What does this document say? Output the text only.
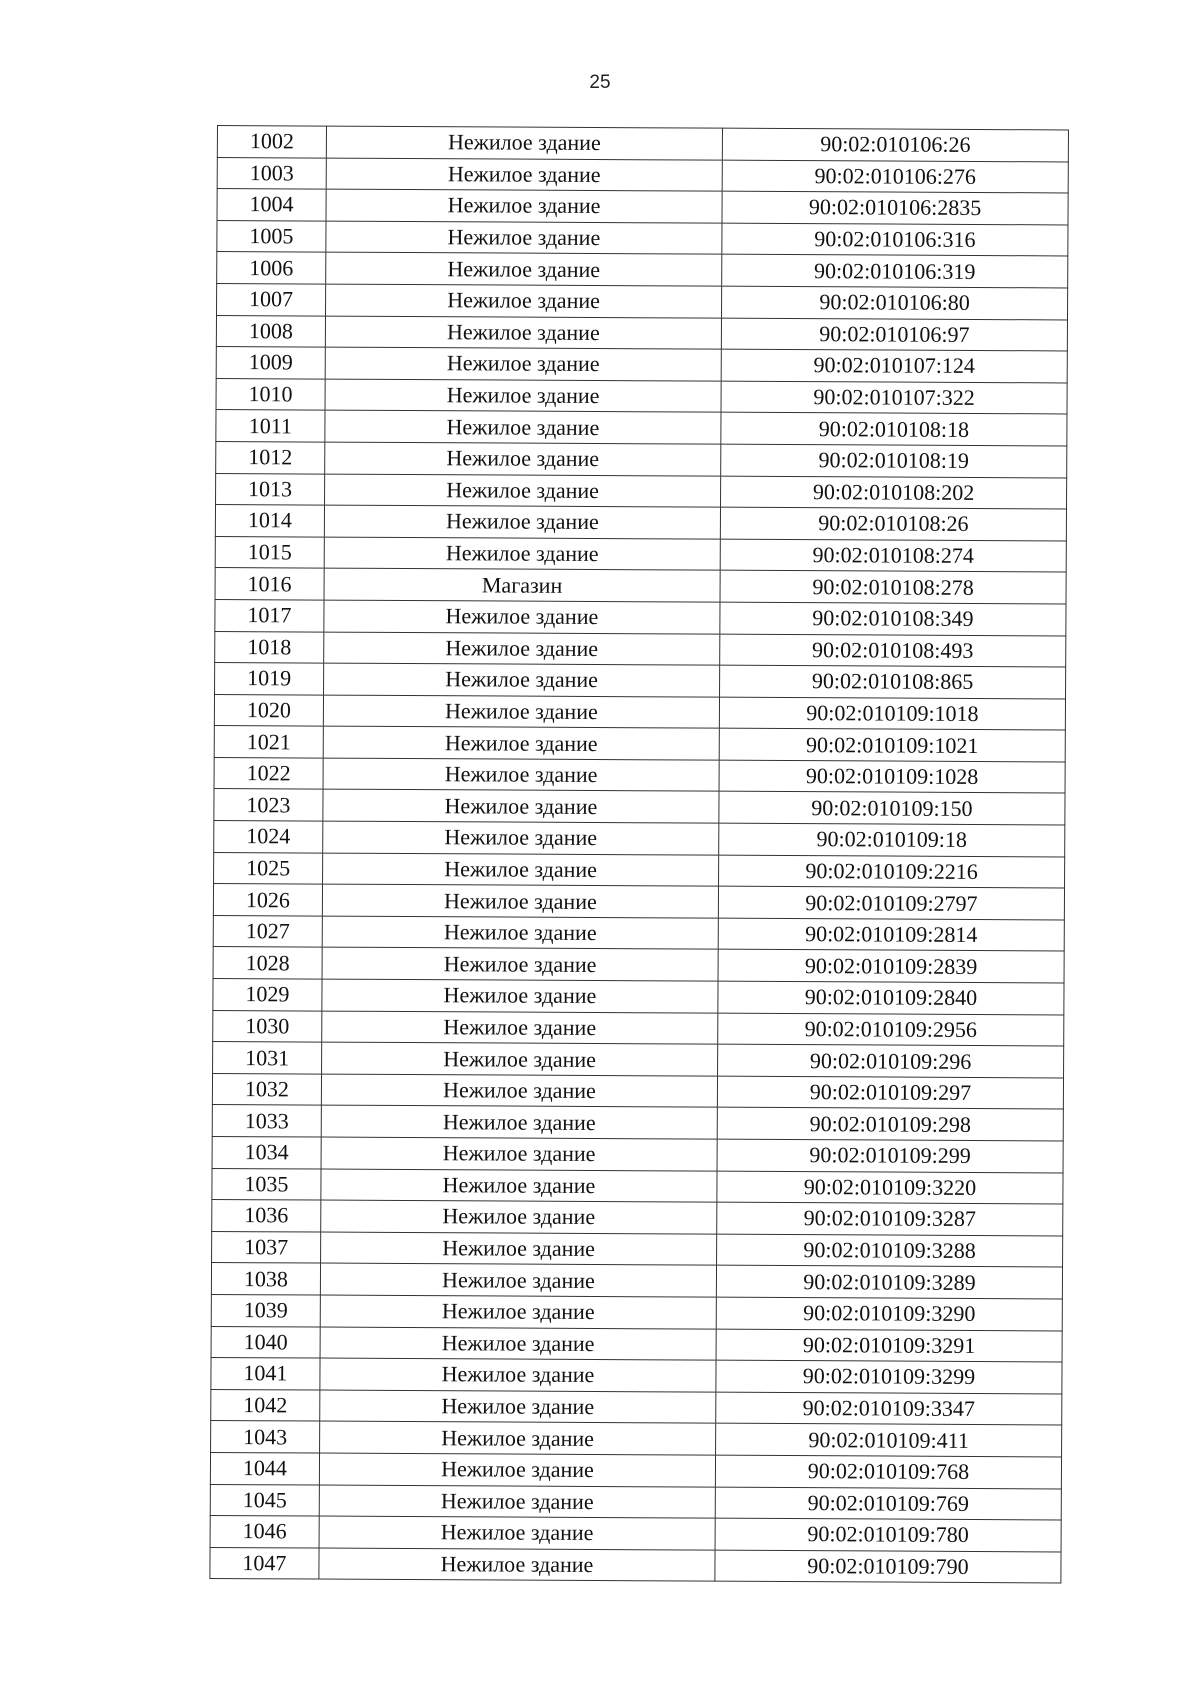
25
1002	Нежилое здание	90:02:010106:26
1003	Нежилое здание	90:02:010106:276
1004	Нежилое здание	90:02:010106:2835
1005	Нежилое здание	90:02:010106:316
1006	Нежилое здание	90:02:010106:319
1007	Нежилое здание	90:02:010106:80
1008	Нежилое здание	90:02:010106:97
1009	Нежилое здание	90:02:010107:124
1010	Нежилое здание	90:02:010107:322
1011	Нежилое здание	90:02:010108:18
1012	Нежилое здание	90:02:010108:19
1013	Нежилое здание	90:02:010108:202
1014	Нежилое здание	90:02:010108:26
1015	Нежилое здание	90:02:010108:274
1016	Магазин	90:02:010108:278
1017	Нежилое здание	90:02:010108:349
1018	Нежилое здание	90:02:010108:493
1019	Нежилое здание	90:02:010108:865
1020	Нежилое здание	90:02:010109:1018
1021	Нежилое здание	90:02:010109:1021
1022	Нежилое здание	90:02:010109:1028
1023	Нежилое здание	90:02:010109:150
1024	Нежилое здание	90:02:010109:18
1025	Нежилое здание	90:02:010109:2216
1026	Нежилое здание	90:02:010109:2797
1027	Нежилое здание	90:02:010109:2814
1028	Нежилое здание	90:02:010109:2839
1029	Нежилое здание	90:02:010109:2840
1030	Нежилое здание	90:02:010109:2956
1031	Нежилое здание	90:02:010109:296
1032	Нежилое здание	90:02:010109:297
1033	Нежилое здание	90:02:010109:298
1034	Нежилое здание	90:02:010109:299
1035	Нежилое здание	90:02:010109:3220
1036	Нежилое здание	90:02:010109:3287
1037	Нежилое здание	90:02:010109:3288
1038	Нежилое здание	90:02:010109:3289
1039	Нежилое здание	90:02:010109:3290
1040	Нежилое здание	90:02:010109:3291
1041	Нежилое здание	90:02:010109:3299
1042	Нежилое здание	90:02:010109:3347
1043	Нежилое здание	90:02:010109:411
1044	Нежилое здание	90:02:010109:768
1045	Нежилое здание	90:02:010109:769
1046	Нежилое здание	90:02:010109:780
1047	Нежилое здание	90:02:010109:790
